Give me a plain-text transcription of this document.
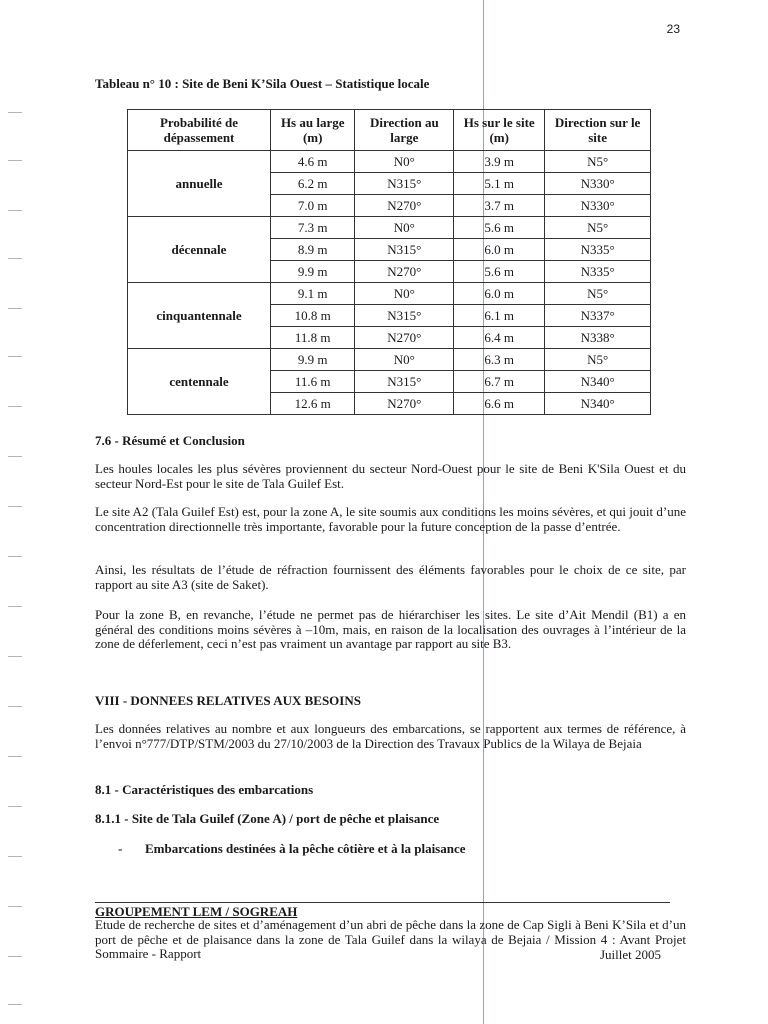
23
Tableau n° 10 : Site de Beni K’Sila Ouest – Statistique locale
Probabilité de dépassement	Hs au large (m)	Direction au large	Hs sur le site (m)	Direction sur le site
annuelle	4.6 m	N0°	3.9 m	N5°
	6.2 m	N315°	5.1 m	N330°
	7.0 m	N270°	3.7 m	N330°
décennale	7.3 m	N0°	5.6 m	N5°
	8.9 m	N315°	6.0 m	N335°
	9.9 m	N270°	5.6 m	N335°
cinquantennale	9.1 m	N0°	6.0 m	N5°
	10.8 m	N315°	6.1 m	N337°
	11.8 m	N270°	6.4 m	N338°
centennale	9.9 m	N0°	6.3 m	N5°
	11.6 m	N315°	6.7 m	N340°
	12.6 m	N270°	6.6 m	N340°
7.6 - Résumé et Conclusion

Les houles locales les plus sévères proviennent du secteur Nord-Ouest pour le site de Beni K'Sila Ouest et du secteur Nord-Est pour le site de Tala Guilef Est.

Le site A2 (Tala Guilef Est) est, pour la zone A, le site soumis aux conditions les moins sévères, et qui jouit d’une concentration directionnelle très importante, favorable pour la future conception de la passe d’entrée.

Ainsi, les résultats de l’étude de réfraction fournissent des éléments favorables pour le choix de ce site, par rapport au site A3 (site de Saket).

Pour la zone B, en revanche, l’étude ne permet pas de hiérarchiser les sites. Le site d’Ait Mendil (B1) a en général des conditions moins sévères à –10m, mais, en raison de la localisation des ouvrages à l’intérieur de la zone de déferlement, ceci n’est pas vraiment un avantage par rapport au site B3.

VIII - DONNEES RELATIVES AUX BESOINS

Les données relatives au nombre et aux longueurs des embarcations, se rapportent aux termes de référence, à l’envoi n°777/DTP/STM/2003 du 27/10/2003 de la Direction des Travaux Publics de la Wilaya de Bejaia

8.1 - Caractéristiques des embarcations
8.1.1 - Site de Tala Guilef (Zone A) / port de pêche et plaisance
- Embarcations destinées à la pêche côtière et à la plaisance
GROUPEMENT LEM / SOGREAH

Etude de recherche de sites et d’aménagement d’un abri de pêche dans la zone de Cap Sigli à Beni K’Sila et d’un port de pêche et de plaisance dans la zone de Tala Guilef dans la wilaya de Bejaia / Mission 4 : Avant Projet Sommaire - Rapport	Juillet 2005
